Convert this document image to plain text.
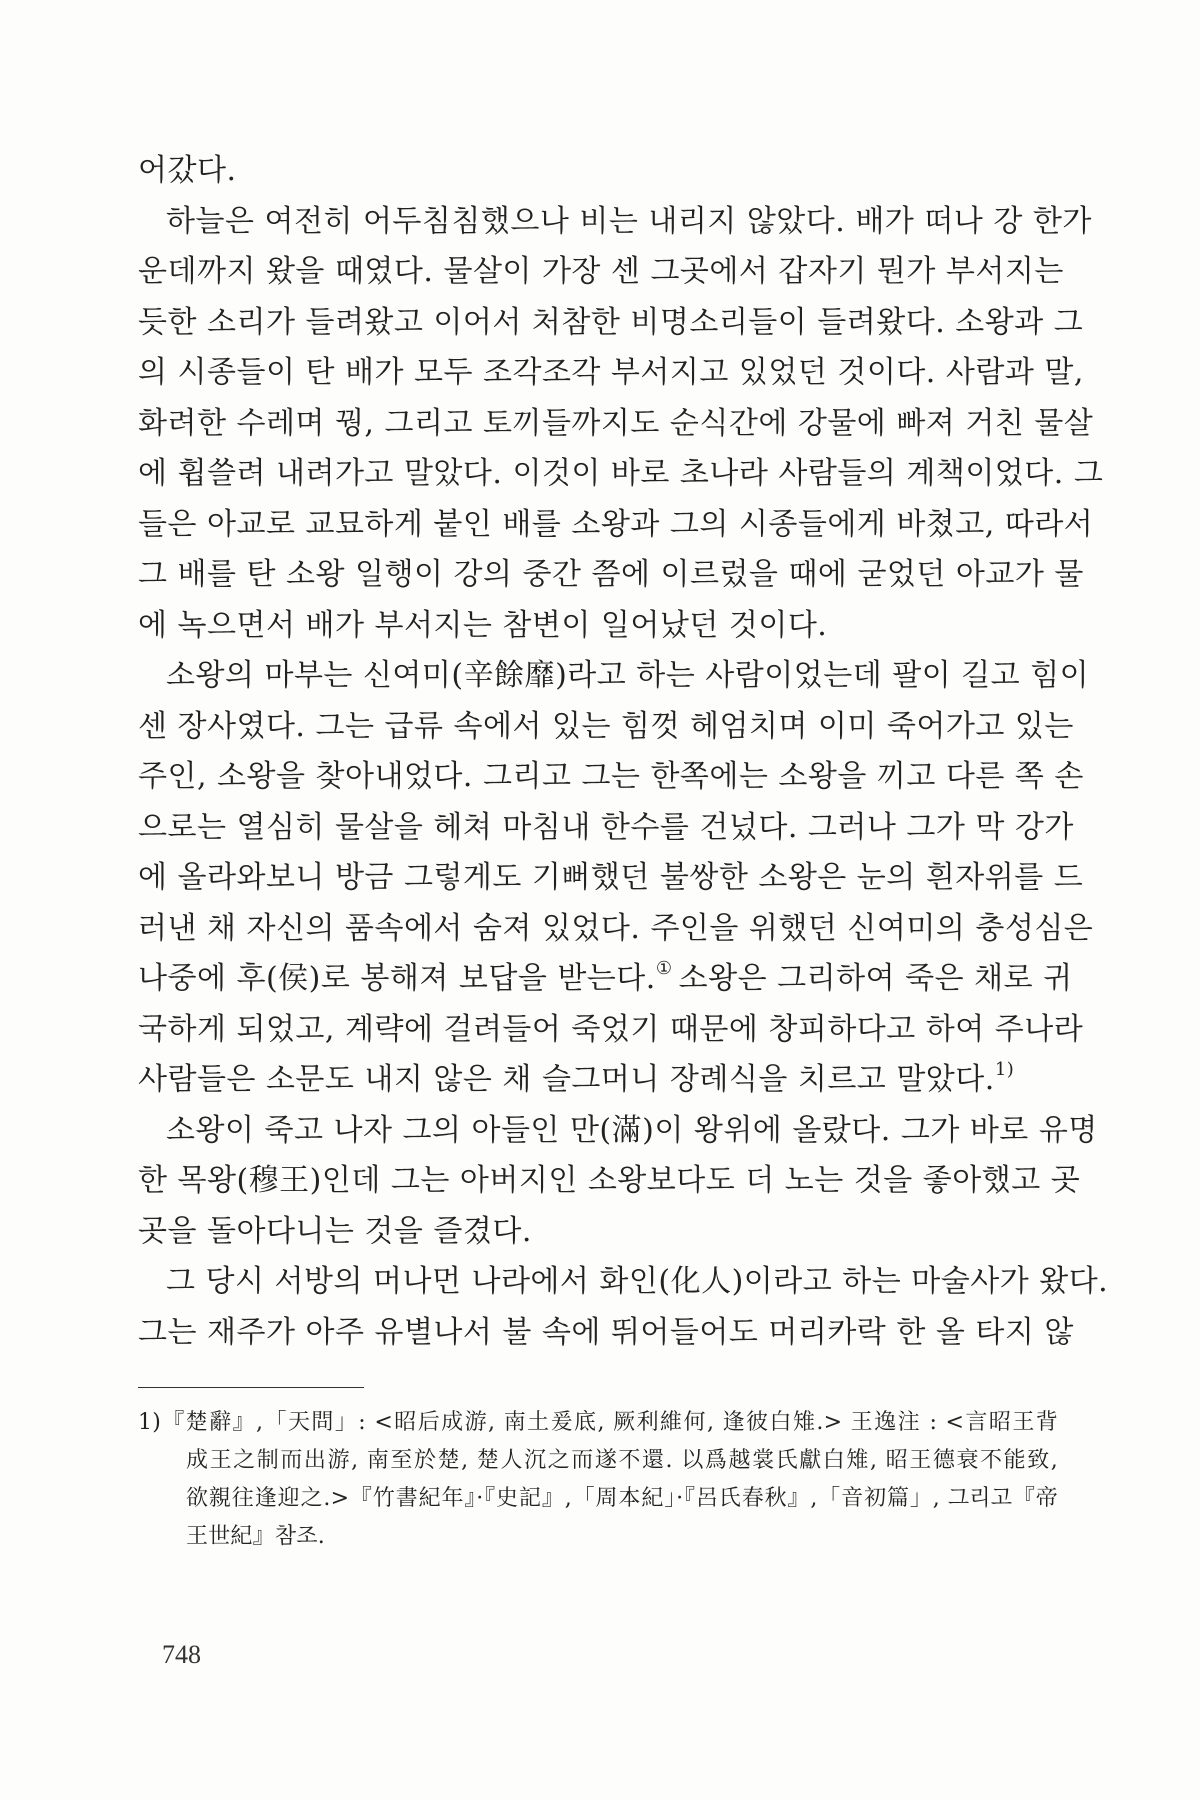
어갔다.
하늘은 여전히 어두침침했으나 비는 내리지 않았다. 배가 떠나 강 한가
운데까지 왔을 때였다. 물살이 가장 센 그곳에서 갑자기 뭔가 부서지는
듯한 소리가 들려왔고 이어서 처참한 비명소리들이 들려왔다. 소왕과 그
의 시종들이 탄 배가 모두 조각조각 부서지고 있었던 것이다. 사람과 말,
화려한 수레며 꿩, 그리고 토끼들까지도 순식간에 강물에 빠져 거친 물살
에 휩쓸려 내려가고 말았다. 이것이 바로 초나라 사람들의 계책이었다. 그
들은 아교로 교묘하게 붙인 배를 소왕과 그의 시종들에게 바쳤고, 따라서
그 배를 탄 소왕 일행이 강의 중간 쯤에 이르렀을 때에 굳었던 아교가 물
에 녹으면서 배가 부서지는 참변이 일어났던 것이다.
소왕의 마부는 신여미(辛餘靡)라고 하는 사람이었는데 팔이 길고 힘이
센 장사였다. 그는 급류 속에서 있는 힘껏 헤엄치며 이미 죽어가고 있는
주인, 소왕을 찾아내었다. 그리고 그는 한쪽에는 소왕을 끼고 다른 쪽 손
으로는 열심히 물살을 헤쳐 마침내 한수를 건넜다. 그러나 그가 막 강가
에 올라와보니 방금 그렇게도 기뻐했던 불쌍한 소왕은 눈의 흰자위를 드
러낸 채 자신의 품속에서 숨져 있었다. 주인을 위했던 신여미의 충성심은
나중에 후(侯)로 봉해져 보답을 받는다.① 소왕은 그리하여 죽은 채로 귀
국하게 되었고, 계략에 걸려들어 죽었기 때문에 창피하다고 하여 주나라
사람들은 소문도 내지 않은 채 슬그머니 장례식을 치르고 말았다.$^{1)}$
소왕이 죽고 나자 그의 아들인 만(滿)이 왕위에 올랐다. 그가 바로 유명
한 목왕(穆王)인데 그는 아버지인 소왕보다도 더 노는 것을 좋아했고 곳
곳을 돌아다니는 것을 즐겼다.
그 당시 서방의 머나먼 나라에서 화인(化人)이라고 하는 마술사가 왔다.
그는 재주가 아주 유별나서 불 속에 뛰어들어도 머리카락 한 올 타지 않
1)『楚辭』,「天問」: <昭后成游, 南土爰底, 厥利維何, 逢彼白雉.> 王逸注 : <言昭王背
成王之制而出游, 南至於楚, 楚人沉之而遂不還. 以爲越裳氏獻白雉, 昭王德衰不能致,
欲親往逢迎之.>『竹書紀年』·『史記』,「周本紀」·『呂氏春秋』,「音初篇」, 그리고『帝
王世紀』참조.
748
